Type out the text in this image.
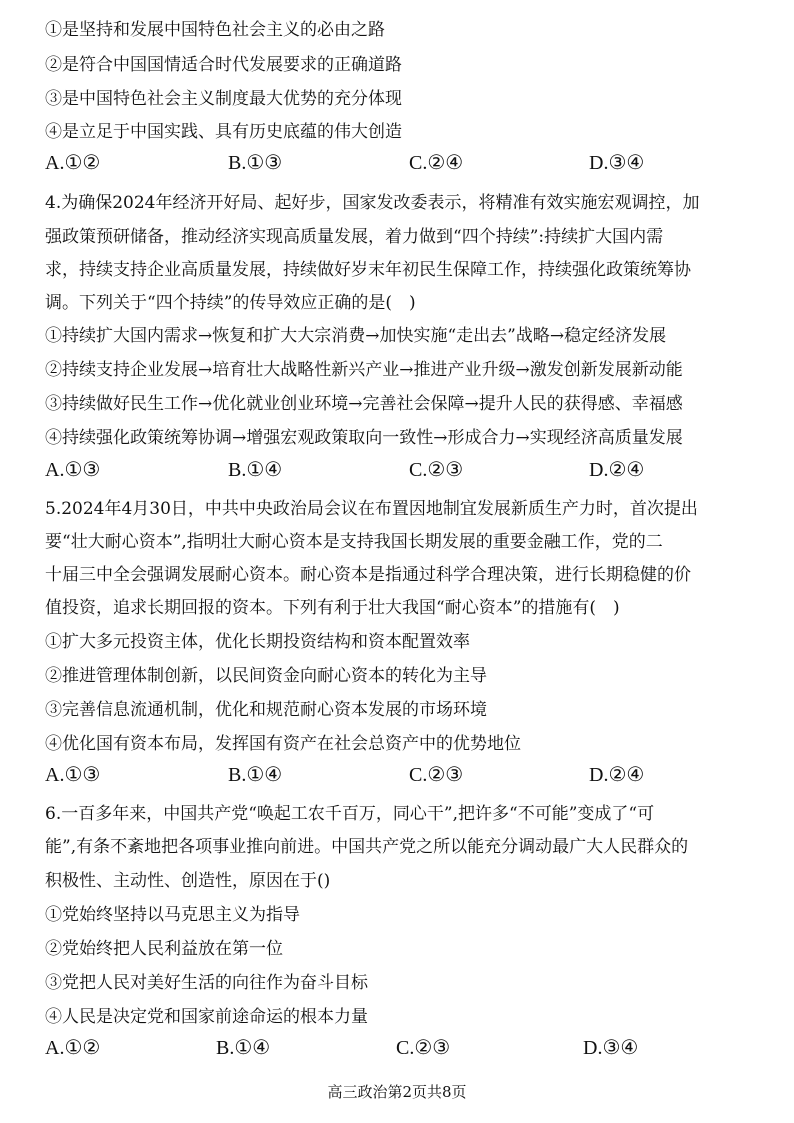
①是坚持和发展中国特色社会主义的必由之路
②是符合中国国情适合时代发展要求的正确道路
③是中国特色社会主义制度最大优势的充分体现
④是立足于中国实践、具有历史底蕴的伟大创造
A.①②	B.①③	C.②④	D.③④
4.为确保2024年经济开好局、起好步，国家发改委表示，将精准有效实施宏观调控，加
强政策预研储备，推动经济实现高质量发展，着力做到“四个持续”:持续扩大国内需
求，持续支持企业高质量发展，持续做好岁末年初民生保障工作，持续强化政策统筹协
调。下列关于“四个持续”的传导效应正确的是(　)
①持续扩大国内需求→恢复和扩大大宗消费→加快实施“走出去”战略→稳定经济发展
②持续支持企业发展→培育壮大战略性新兴产业→推进产业升级→激发创新发展新动能
③持续做好民生工作→优化就业创业环境→完善社会保障→提升人民的获得感、幸福感
④持续强化政策统筹协调→增强宏观政策取向一致性→形成合力→实现经济高质量发展
A.①③	B.①④	C.②③	D.②④
5.2024年4月30日，中共中央政治局会议在布置因地制宜发展新质生产力时，首次提出
要“壮大耐心资本”,指明壮大耐心资本是支持我国长期发展的重要金融工作，党的二
十届三中全会强调发展耐心资本。耐心资本是指通过科学合理决策，进行长期稳健的价
值投资，追求长期回报的资本。下列有利于壮大我国“耐心资本”的措施有(　)
①扩大多元投资主体，优化长期投资结构和资本配置效率
②推进管理体制创新，以民间资金向耐心资本的转化为主导
③完善信息流通机制，优化和规范耐心资本发展的市场环境
④优化国有资本布局，发挥国有资产在社会总资产中的优势地位
A.①③	B.①④	C.②③	D.②④
6.一百多年来，中国共产党“唤起工农千百万，同心干”,把许多“不可能”变成了“可
能”,有条不紊地把各项事业推向前进。中国共产党之所以能充分调动最广大人民群众的
积极性、主动性、创造性，原因在于()
①党始终坚持以马克思主义为指导
②党始终把人民利益放在第一位
③党把人民对美好生活的向往作为奋斗目标
④人民是决定党和国家前途命运的根本力量
A.①②	B.①④	C.②③	D.③④
高三政治第2页共8页
